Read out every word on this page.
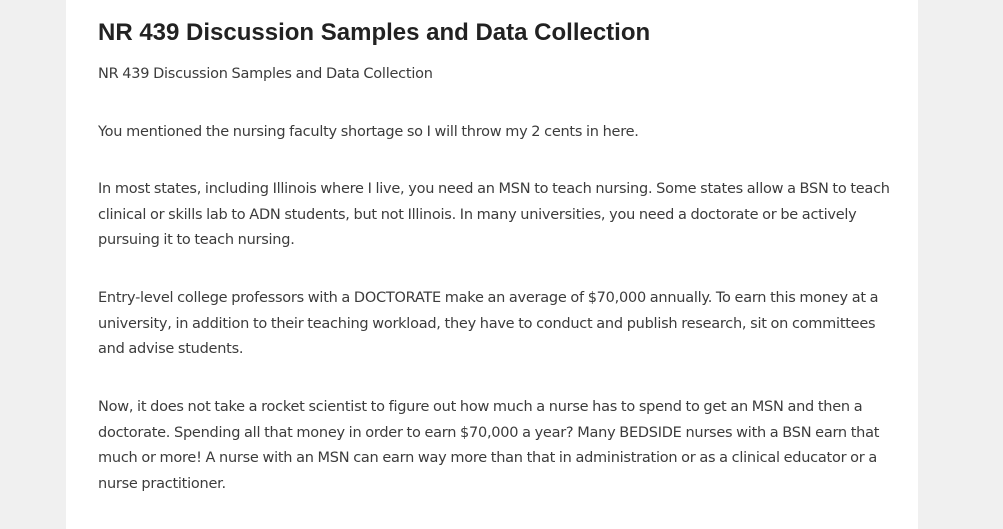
NR 439 Discussion Samples and Data Collection

NR 439 Discussion Samples and Data Collection

You mentioned the nursing faculty shortage so I will throw my 2 cents in here.

In most states, including Illinois where I live, you need an MSN to teach nursing. Some states allow a BSN to teach clinical or skills lab to ADN students, but not Illinois. In many universities, you need a doctorate or be actively pursuing it to teach nursing.

Entry-level college professors with a DOCTORATE make an average of $70,000 annually. To earn this money at a university, in addition to their teaching workload, they have to conduct and publish research, sit on committees and advise students.

Now, it does not take a rocket scientist to figure out how much a nurse has to spend to get an MSN and then a doctorate. Spending all that money in order to earn $70,000 a year? Many BEDSIDE nurses with a BSN earn that much or more! A nurse with an MSN can earn way more than that in administration or as a clinical educator or a nurse practitioner.
